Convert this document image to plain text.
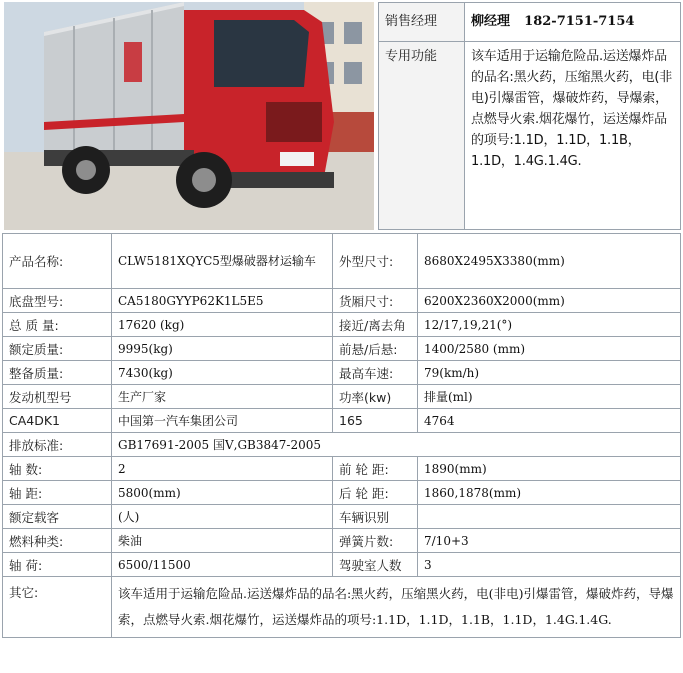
销售经理	柳经理 182-7151-7154
专用功能	该车适用于运输危险品.运送爆炸品的品名:黑火药，压缩黑火药，电(非电)引爆雷管，爆破炸药，导爆索，点燃导火索.烟花爆竹，运送爆炸品的项号:1.1D，1.1D，1.1B，1.1D，1.4G.1.4G.
产品名称:	CLW5181XQYC5型爆破器材运输车	外型尺寸:	8680X2495X3380(mm)
底盘型号:	CA5180GYYP62K1L5E5	货厢尺寸:	6200X2360X2000(mm)
总 质 量:	17620 (kg)	接近/离去角	12/17,19,21(°)
额定质量:	9995(kg)	前悬/后悬:	1400/2580 (mm)
整备质量:	7430(kg)	最高车速:	79(km/h)
发动机型号	生产厂家	功率(kw)	排量(ml)
CA4DK1	中国第一汽车集团公司	165	4764
排放标准:	GB17691-2005 国Ⅴ,GB3847-2005		
轴 数:	2	前 轮 距:	1890(mm)
轴 距:	5800(mm)	后 轮 距:	1860,1878(mm)
额定载客	(人)	车辆识别	
燃料种类:	柴油	弹簧片数:	7/10+3
轴 荷:	6500/11500	驾驶室人数	3
其它:	该车适用于运输危险品.运送爆炸品的品名:黑火药，压缩黑火药，电(非电)引爆雷管，爆破炸药，导爆索，点燃导火索.烟花爆竹，运送爆炸品的项号:1.1D，1.1D，1.1B，1.1D，1.4G.1.4G.		
